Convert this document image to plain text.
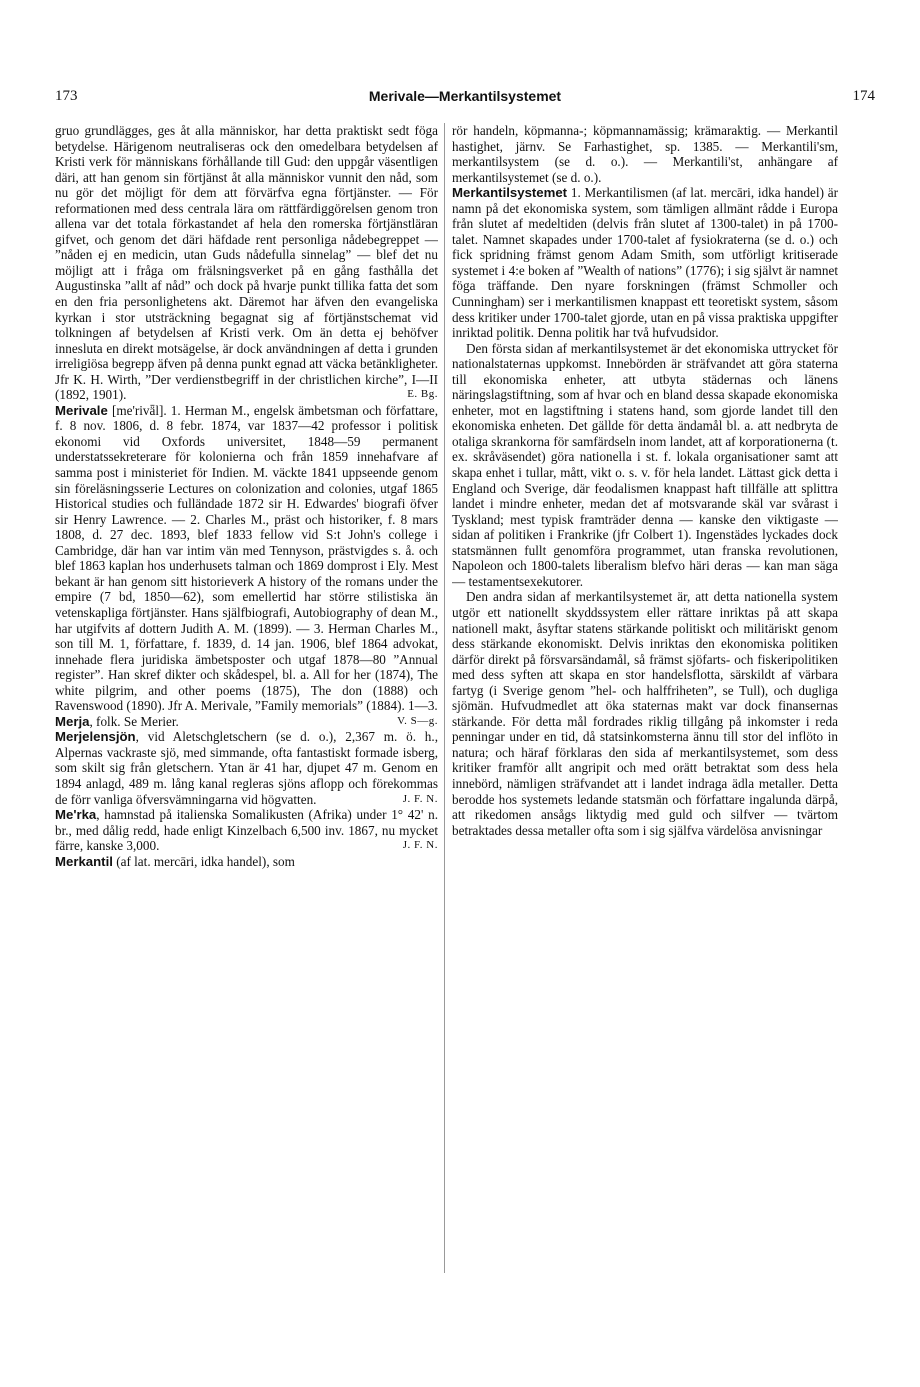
173	Merivale—Merkantilsystemet	174

gruo grundlägges, ges åt alla människor, har detta praktiskt sedt föga betydelse. Härigenom neutraliseras ock den omedelbara betydelsen af Kristi verk för människans förhållande till Gud: den uppgår väsentligen däri, att han genom sin förtjänst åt alla människor vunnit den nåd, som nu gör det möjligt för dem att förvärfva egna förtjänster. — För reformationen med dess centrala lära om rättfärdiggörelsen genom tron allena var det totala förkastandet af hela den romerska förtjänstläran gifvet, och genom det däri häfdade rent personliga nådebegreppet — ”nåden ej en medicin, utan Guds nådefulla sinnelag” — blef det nu möjligt att i fråga om frälsningsverket på en gång fasthålla det Augustinska ”allt af nåd” och dock på hvarje punkt tillika fatta det som en den fria personlighetens akt. Däremot har äfven den evangeliska kyrkan i stor utsträckning begagnat sig af förtjänstschemat vid tolkningen af betydelsen af Kristi verk. Om än detta ej behöfver innesluta en direkt motsägelse, är dock användningen af detta i grunden irreligiösa begrepp äfven på denna punkt egnad att väcka betänkligheter. Jfr K. H. Wirth, ”Der verdienstbegriff in der christlichen kirche”, I—II (1892, 1901).	E. Bg.

Merivale [me'rivǟl]. 1. Herman M., engelsk ämbetsman och författare, f. 8 nov. 1806, d. 8 febr. 1874, var 1837—42 professor i politisk ekonomi vid Oxfords universitet, 1848—59 permanent understatssekreterare för kolonierna och från 1859 innehafvare af samma post i ministeriet för Indien. M. väckte 1841 uppseende genom sin föreläsningsserie Lectures on colonization and colonies, utgaf 1865 Historical studies och fulländade 1872 sir H. Edwardes' biografi öfver sir Henry Lawrence. — 2. Charles M., präst och historiker, f. 8 mars 1808, d. 27 dec. 1893, blef 1833 fellow vid S:t John's college i Cambridge, där han var intim vän med Tennyson, prästvigdes s. å. och blef 1863 kaplan hos underhusets talman och 1869 domprost i Ely. Mest bekant är han genom sitt historieverk A history of the romans under the empire (7 bd, 1850—62), som emellertid har större stilistiska än vetenskapliga förtjänster. Hans själfbiografi, Autobiography of dean M., har utgifvits af dottern Judith A. M. (1899). — 3. Herman Charles M., son till M. 1, författare, f. 1839, d. 14 jan. 1906, blef 1864 advokat, innehade flera juridiska ämbetsposter och utgaf 1878—80 ”Annual register”. Han skref dikter och skådespel, bl. a. All for her (1874), The white pilgrim, and other poems (1875), The don (1888) och Ravenswood (1890). Jfr A. Merivale, ”Family memorials” (1884). 1—3.
V. S—g.

Merja, folk. Se Merier.

Merjelensjön, vid Aletschgletschern (se d. o.), 2,367 m. ö. h., Alpernas vackraste sjö, med simmande, ofta fantastiskt formade isberg, som skilt sig från gletschern. Ytan är 41 har, djupet 47 m. Genom en 1894 anlagd, 489 m. lång kanal regleras sjöns aflopp och förekommas de förr vanliga öfversvämningarna vid högvatten.	J. F. N.

Me'rka, hamnstad på italienska Somalikusten (Afrika) under 1° 42' n. br., med dålig redd, hade enligt Kinzelbach 6,500 inv. 1867, nu mycket färre, kanske 3,000.	J. F. N.

Merkantil (af lat. mercāri, idka handel), som

rör handeln, köpmanna-; köpmannamässig; krämaraktig. — Merkantil hastighet, järnv. Se Farhastighet, sp. 1385. — Merkantili'sm, merkantilsystem (se d. o.). — Merkantili'st, anhängare af merkantilsystemet (se d. o.).

Merkantilsystemet 1. Merkantilismen (af lat. mercāri, idka handel) är namn på det ekonomiska system, som tämligen allmänt rådde i Europa från slutet af medeltiden (delvis från slutet af 1300-talet) in på 1700-talet. Namnet skapades under 1700-talet af fysiokraterna (se d. o.) och fick spridning främst genom Adam Smith, som utförligt kritiserade systemet i 4:e boken af ”Wealth of nations” (1776); i sig självt är namnet föga träffande. Den nyare forskningen (främst Schmoller och Cunningham) ser i merkantilismen knappast ett teoretiskt system, såsom dess kritiker under 1700-talet gjorde, utan en på vissa praktiska uppgifter inriktad politik. Denna politik har två hufvudsidor.

Den första sidan af merkantilsystemet är det ekonomiska uttrycket för nationalstaternas uppkomst. Innebörden är sträfvandet att göra staterna till ekonomiska enheter, att utbyta städernas och länens näringslagstiftning, som af hvar och en bland dessa skapade ekonomiska enheter, mot en lagstiftning i statens hand, som gjorde landet till den ekonomiska enheten. Det gällde för detta ändamål bl. a. att nedbryta de otaliga skrankorna för samfärdseln inom landet, att af korporationerna (t. ex. skråväsendet) göra nationella i st. f. lokala organisationer samt att skapa enhet i tullar, mått, vikt o. s. v. för hela landet. Lättast gick detta i England och Sverige, där feodalismen knappast haft tillfälle att splittra landet i mindre enheter, medan det af motsvarande skäl var svårast i Tyskland; mest typisk framträder denna — kanske den viktigaste — sidan af politiken i Frankrike (jfr Colbert 1). Ingenstädes lyckades dock statsmännen fullt genomföra programmet, utan franska revolutionen, Napoleon och 1800-talets liberalism blefvo häri deras — kan man säga — testamentsexekutorer.

Den andra sidan af merkantilsystemet är, att detta nationella system utgör ett nationellt skyddssystem eller rättare inriktas på att skapa nationell makt, åsyftar statens stärkande politiskt och militäriskt genom dess stärkande ekonomiskt. Delvis inriktas den ekonomiska politiken därför direkt på försvarsändamål, så främst sjöfarts- och fiskeripolitiken med dess syften att skapa en stor handelsflotta, särskildt af värbara fartyg (i Sverige genom ”hel- och halffriheten”, se Tull), och dugliga sjömän. Hufvudmedlet att öka staternas makt var dock finansernas stärkande. För detta mål fordrades riklig tillgång på inkomster i reda penningar under en tid, då statsinkomsterna ännu till stor del inflöto in natura; och häraf förklaras den sida af merkantilsystemet, som dess kritiker framför allt angripit och med orätt betraktat som dess hela innebörd, nämligen sträfvandet att i landet indraga ädla metaller. Detta berodde hos systemets ledande statsmän och författare ingalunda därpå, att rikedomen ansågs liktydig med guld och silfver — tvärtom betraktades dessa metaller ofta som i sig själfva värdelösa anvisningar
